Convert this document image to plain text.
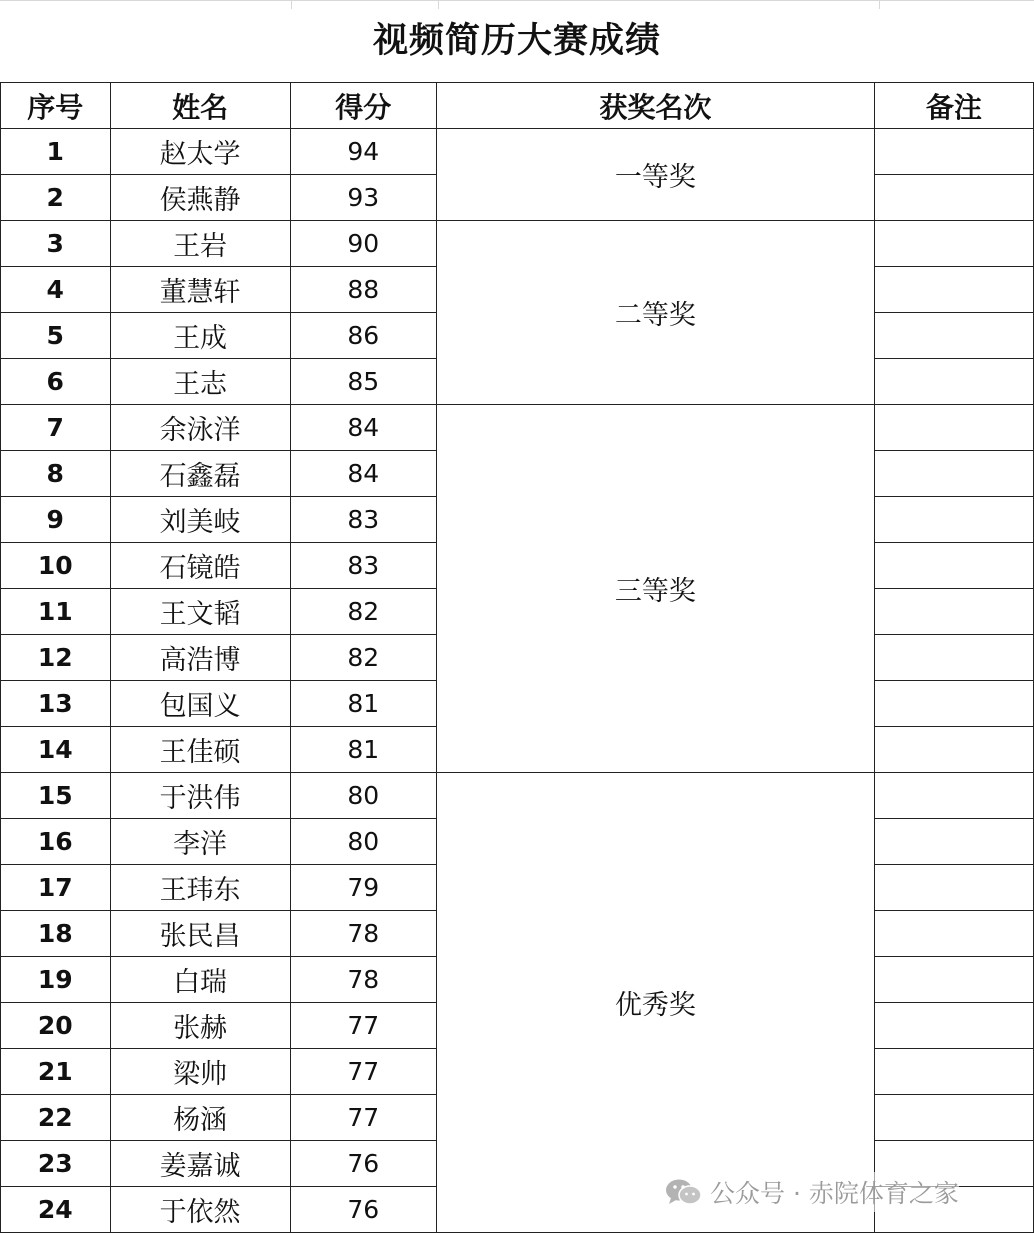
视频简历大赛成绩
序号	姓名	得分	获奖名次	备注
1	赵太学	94	一等奖	
2	侯燕静	93		
3	王岩	90	二等奖	
4	董慧轩	88		
5	王成	86		
6	王志	85		
7	余泳洋	84	三等奖	
8	石鑫磊	84		
9	刘美岐	83		
10	石镜皓	83		
11	王文韬	82		
12	高浩博	82		
13	包国义	81		
14	王佳硕	81		
15	于洪伟	80	优秀奖	
16	李洋	80		
17	王玮东	79		
18	张民昌	78		
19	白瑞	78		
20	张赫	77		
21	梁帅	77		
22	杨涵	77		
23	姜嘉诚	76		
24	于依然	76		
公众号 · 赤院体育之家
